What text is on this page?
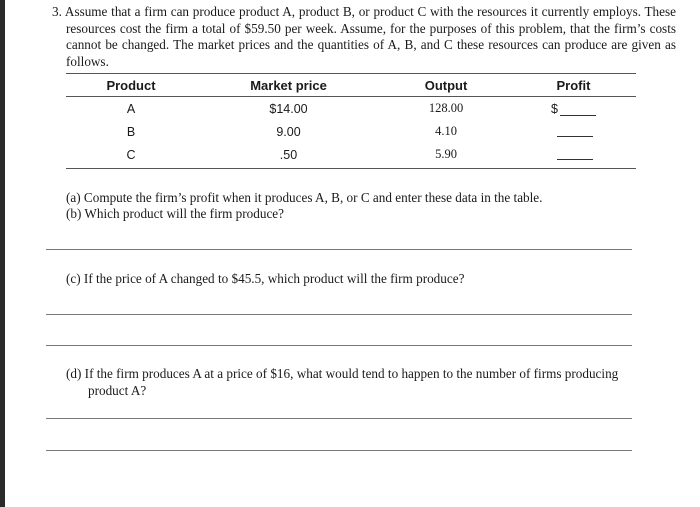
3. Assume that a firm can produce product A, product B, or product C with the resources it currently employs. These resources cost the firm a total of $59.50 per week. Assume, for the purposes of this problem, that the firm’s costs cannot be changed. The market prices and the quantities of A, B, and C these resources can produce are given as follows.
Product	Market price	Output	Profit
A	$14.00	128.00	$

B	9.00	4.10	

C	.50	5.90	
(a) Compute the firm’s profit when it produces A, B, or C and enter these data in the table.
(b) Which product will the firm produce?
(c) If the price of A changed to $45.5, which product will the firm produce?
(d) If the firm produces A at a price of $16, what would tend to happen to the number of firms producing
product A?
